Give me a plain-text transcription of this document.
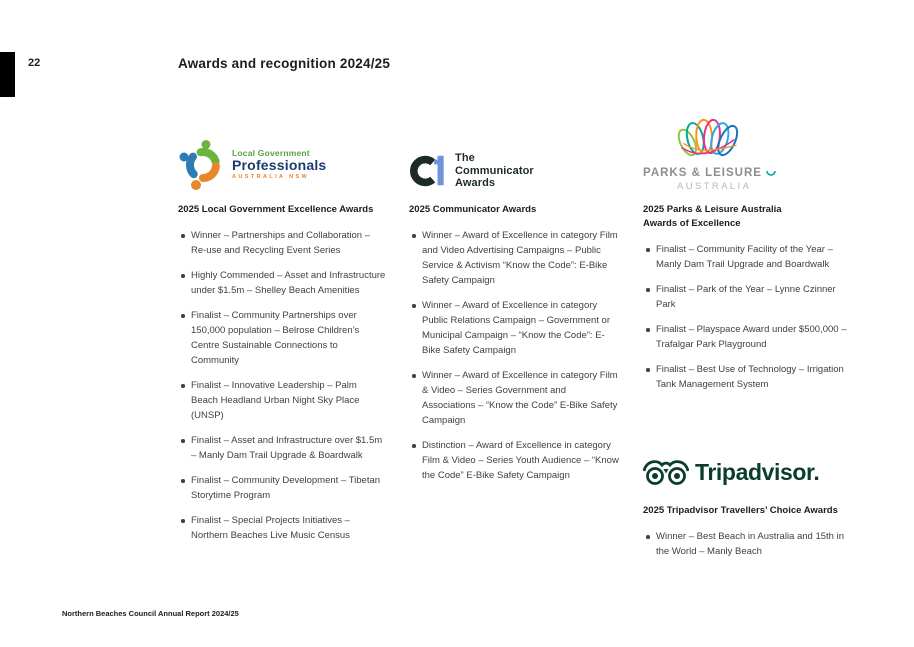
22	Awards and recognition 2024/25
Local Government
Professionals
AUSTRALIA NSW
2025 Local Government Excellence Awards
Winner – Partnerships and Collaboration – Re-use and Recycling Event Series
Highly Commended – Asset and Infrastructure under $1.5m – Shelley Beach Amenities
Finalist – Community Partnerships over 150,000 population – Belrose Children’s Centre Sustainable Connections to Community
Finalist – Innovative Leadership – Palm Beach Headland Urban Night Sky Place (UNSP)
Finalist – Asset and Infrastructure over $1.5m – Manly Dam Trail Upgrade & Boardwalk
Finalist – Community Development – Tibetan Storytime Program
Finalist – Special Projects Initiatives – Northern Beaches Live Music Census
The
Communicator
Awards
2025 Communicator Awards
Winner – Award of Excellence in category Film and Video Advertising Campaigns – Public Service & Activism “Know the Code”: E-Bike Safety Campaign
Winner – Award of Excellence in category Public Relations Campaign – Government or Municipal Campaign – “Know the Code”: E-Bike Safety Campaign
Winner – Award of Excellence in category Film & Video – Series Government and Associations – “Know the Code” E-Bike Safety Campaign
Distinction – Award of Excellence in category Film & Video – Series Youth Audience – “Know the Code” E-Bike Safety Campaign
PARKS & LEISURE
AUSTRALIA
2025 Parks & Leisure Australia
Awards of Excellence
Finalist – Community Facility of the Year – Manly Dam Trail Upgrade and Boardwalk
Finalist – Park of the Year – Lynne Czinner Park
Finalist – Playspace Award under $500,000 – Trafalgar Park Playground
Finalist – Best Use of Technology – Irrigation Tank Management System
Tripadvisor.
2025 Tripadvisor Travellers’ Choice Awards
Winner – Best Beach in Australia and 15th in the World – Manly Beach
Northern Beaches Council Annual Report 2024/25
